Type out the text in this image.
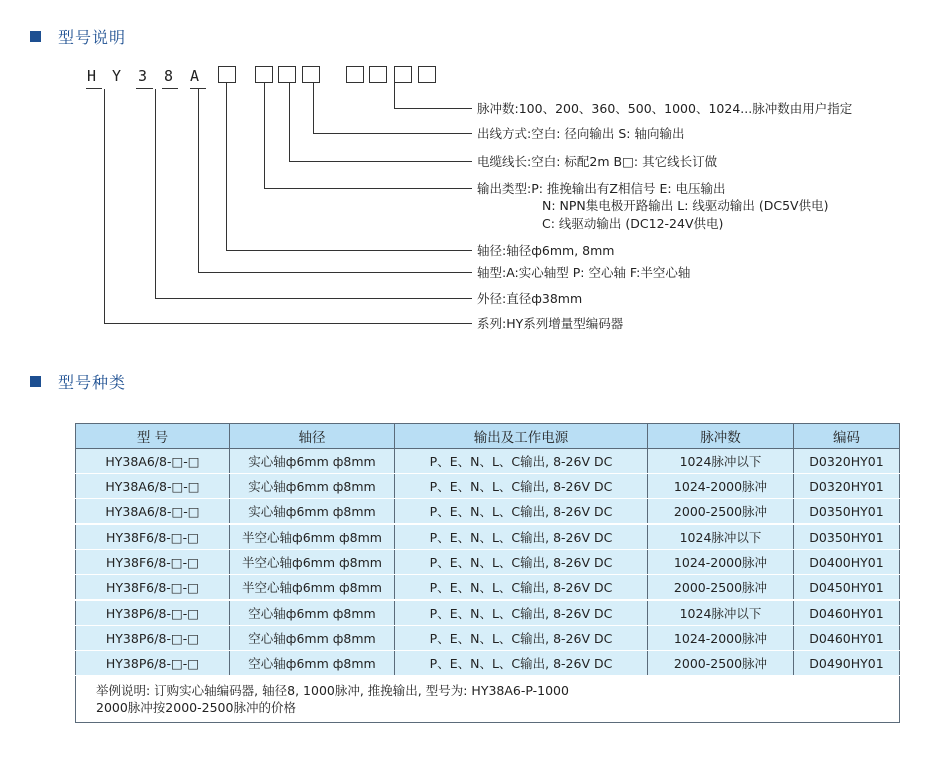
型号说明
H Y 3 8 A
脉冲数:100、200、360、500、1000、1024...脉冲数由用户指定
出线方式:空白: 径向输出 S: 轴向输出
电缆线长:空白: 标配2m B□: 其它线长订做
输出类型:P: 推挽输出有Z相信号 E: 电压输出
N: NPN集电极开路输出 L: 线驱动输出 (DC5V供电)
C: 线驱动输出 (DC12-24V供电)
轴径:轴径ф6mm, 8mm
轴型:A:实心轴型 P: 空心轴 F:半空心轴
外径:直径ф38mm
系列:HY系列增量型编码器
型号种类
型 号	轴径	输出及工作电源	脉冲数	编码
HY38A6/8-□-□	实心轴ф6mm ф8mm	P、E、N、L、C输出, 8-26V DC	1024脉冲以下	D0320HY01
HY38A6/8-□-□	实心轴ф6mm ф8mm	P、E、N、L、C输出, 8-26V DC	1024-2000脉冲	D0320HY01
HY38A6/8-□-□	实心轴ф6mm ф8mm	P、E、N、L、C输出, 8-26V DC	2000-2500脉冲	D0350HY01
HY38F6/8-□-□	半空心轴ф6mm ф8mm	P、E、N、L、C输出, 8-26V DC	1024脉冲以下	D0350HY01
HY38F6/8-□-□	半空心轴ф6mm ф8mm	P、E、N、L、C输出, 8-26V DC	1024-2000脉冲	D0400HY01
HY38F6/8-□-□	半空心轴ф6mm ф8mm	P、E、N、L、C输出, 8-26V DC	2000-2500脉冲	D0450HY01
HY38P6/8-□-□	空心轴ф6mm ф8mm	P、E、N、L、C输出, 8-26V DC	1024脉冲以下	D0460HY01
HY38P6/8-□-□	空心轴ф6mm ф8mm	P、E、N、L、C输出, 8-26V DC	1024-2000脉冲	D0460HY01
HY38P6/8-□-□	空心轴ф6mm ф8mm	P、E、N、L、C输出, 8-26V DC	2000-2500脉冲	D0490HY01

举例说明: 订购实心轴编码器, 轴径8, 1000脉冲, 推挽输出, 型号为: HY38A6-P-1000
2000脉冲按2000-2500脉冲的价格				
